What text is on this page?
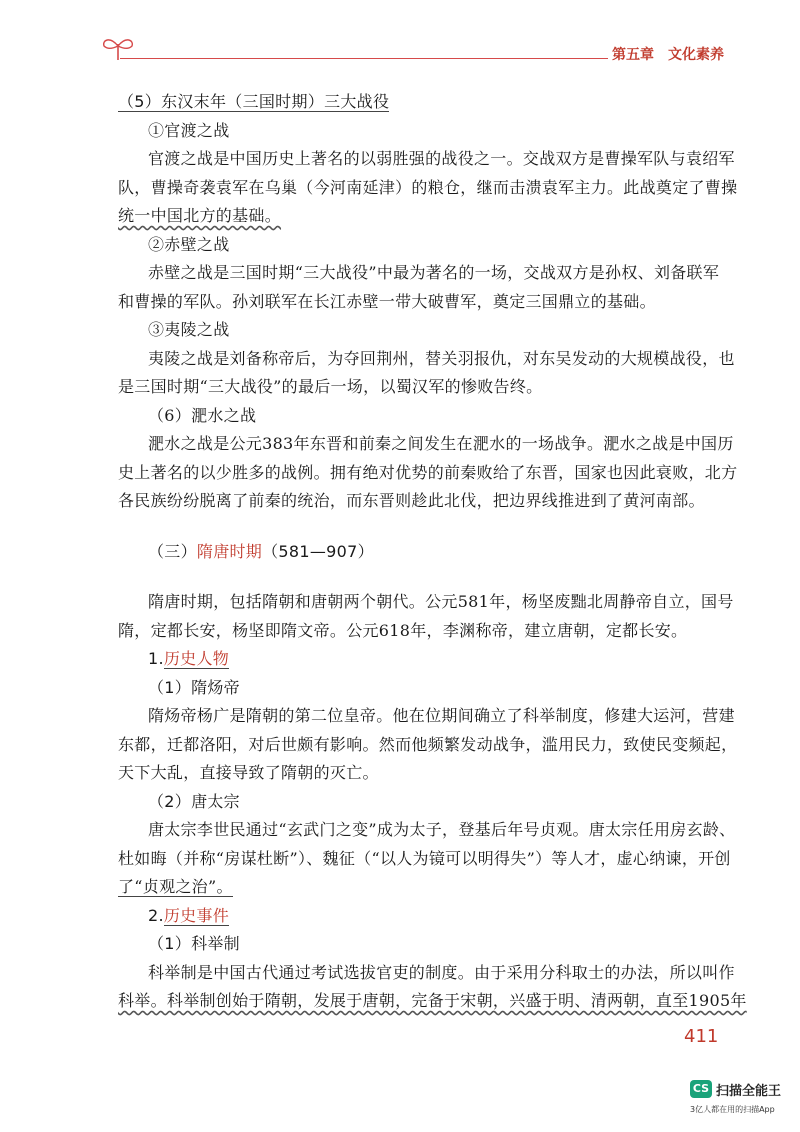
第五章　文化素养
（5）东汉末年（三国时期）三大战役
①官渡之战
官渡之战是中国历史上著名的以弱胜强的战役之一。交战双方是曹操军队与袁绍军
队，曹操奇袭袁军在乌巢（今河南延津）的粮仓，继而击溃袁军主力。此战奠定了曹操
统一中国北方的基础。
②赤壁之战
赤壁之战是三国时期“三大战役”中最为著名的一场，交战双方是孙权、刘备联军
和曹操的军队。孙刘联军在长江赤壁一带大破曹军，奠定三国鼎立的基础。
③夷陵之战
夷陵之战是刘备称帝后，为夺回荆州，替关羽报仇，对东吴发动的大规模战役，也
是三国时期“三大战役”的最后一场，以蜀汉军的惨败告终。
（6）淝水之战
淝水之战是公元383年东晋和前秦之间发生在淝水的一场战争。淝水之战是中国历
史上著名的以少胜多的战例。拥有绝对优势的前秦败给了东晋，国家也因此衰败，北方
各民族纷纷脱离了前秦的统治，而东晋则趁此北伐，把边界线推进到了黄河南部。
（三）隋唐时期（581—907）
隋唐时期，包括隋朝和唐朝两个朝代。公元581年，杨坚废黜北周静帝自立，国号
隋，定都长安，杨坚即隋文帝。公元618年，李渊称帝，建立唐朝，定都长安。
1.历史人物
（1）隋炀帝
隋炀帝杨广是隋朝的第二位皇帝。他在位期间确立了科举制度，修建大运河，营建
东都，迁都洛阳，对后世颇有影响。然而他频繁发动战争，滥用民力，致使民变频起，
天下大乱，直接导致了隋朝的灭亡。
（2）唐太宗
唐太宗李世民通过“玄武门之变”成为太子，登基后年号贞观。唐太宗任用房玄龄、
杜如晦（并称“房谋杜断”）、魏征（“以人为镜可以明得失”）等人才，虚心纳谏，开创
了“贞观之治”。
2.历史事件
（1）科举制
科举制是中国古代通过考试选拔官吏的制度。由于采用分科取士的办法，所以叫作
科举。科举制创始于隋朝，发展于唐朝，完备于宋朝，兴盛于明、清两朝，直至1905年
411
CS 扫描全能王
3亿人都在用的扫描App
